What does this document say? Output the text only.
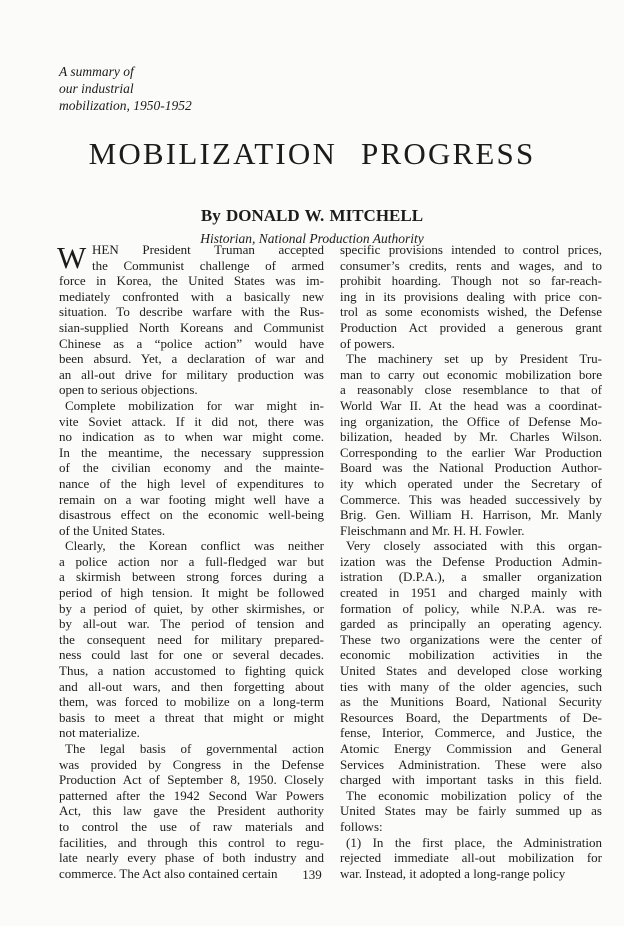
A summary of
our industrial
mobilization, 1950-1952
MOBILIZATION PROGRESS
By DONALD W. MITCHELL
Historian, National Production Authority
W HEN President Truman accepted
the Communist challenge of armed
force in Korea, the United States was im-
mediately confronted with a basically new
situation. To describe warfare with the Rus-
sian-supplied North Koreans and Communist
Chinese as a “police action” would have
been absurd. Yet, a declaration of war and
an all-out drive for military production was
open to serious objections.
Complete mobilization for war might in-
vite Soviet attack. If it did not, there was
no indication as to when war might come.
In the meantime, the necessary suppression
of the civilian economy and the mainte-
nance of the high level of expenditures to
remain on a war footing might well have a
disastrous effect on the economic well-being
of the United States.
Clearly, the Korean conflict was neither
a police action nor a full-fledged war but
a skirmish between strong forces during a
period of high tension. It might be followed
by a period of quiet, by other skirmishes, or
by all-out war. The period of tension and
the consequent need for military prepared-
ness could last for one or several decades.
Thus, a nation accustomed to fighting quick
and all-out wars, and then forgetting about
them, was forced to mobilize on a long-term
basis to meet a threat that might or might
not materialize.
The legal basis of governmental action
was provided by Congress in the Defense
Production Act of September 8, 1950. Closely
patterned after the 1942 Second War Powers
Act, this law gave the President authority
to control the use of raw materials and
facilities, and through this control to regu-
late nearly every phase of both industry and
commerce. The Act also contained certain
specific provisions intended to control prices,
consumer’s credits, rents and wages, and to
prohibit hoarding. Though not so far-reach-
ing in its provisions dealing with price con-
trol as some economists wished, the Defense
Production Act provided a generous grant
of powers.
The machinery set up by President Tru-
man to carry out economic mobilization bore
a reasonably close resemblance to that of
World War II. At the head was a coordinat-
ing organization, the Office of Defense Mo-
bilization, headed by Mr. Charles Wilson.
Corresponding to the earlier War Production
Board was the National Production Author-
ity which operated under the Secretary of
Commerce. This was headed successively by
Brig. Gen. William H. Harrison, Mr. Manly
Fleischmann and Mr. H. H. Fowler.
Very closely associated with this organ-
ization was the Defense Production Admin-
istration (D.P.A.), a smaller organization
created in 1951 and charged mainly with
formation of policy, while N.P.A. was re-
garded as principally an operating agency.
These two organizations were the center of
economic mobilization activities in the
United States and developed close working
ties with many of the older agencies, such
as the Munitions Board, National Security
Resources Board, the Departments of De-
fense, Interior, Commerce, and Justice, the
Atomic Energy Commission and General
Services Administration. These were also
charged with important tasks in this field.
The economic mobilization policy of the
United States may be fairly summed up as
follows:
(1) In the first place, the Administration
rejected immediate all-out mobilization for
war. Instead, it adopted a long-range policy
139
